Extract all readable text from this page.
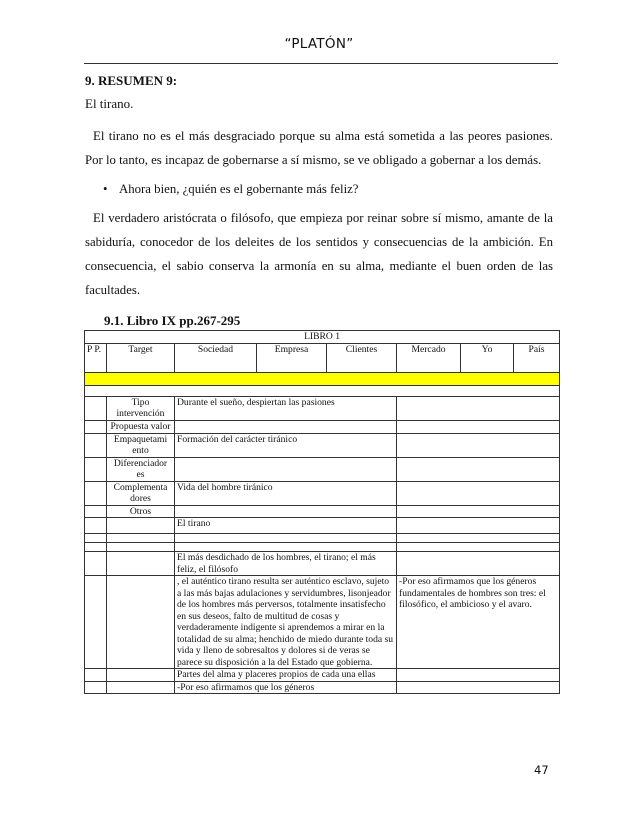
“PLATÓN”
9. RESUMEN 9:
El tirano.
El tirano no es el más desgraciado porque su alma está sometida a las peores pasiones. Por lo tanto, es incapaz de gobernarse a sí mismo, se ve obligado a gobernar a los demás.
• Ahora bien, ¿quién es el gobernante más feliz?
El verdadero aristócrata o filósofo, que empieza por reinar sobre sí mismo, amante de la sabiduría, conocedor de los deleites de los sentidos y consecuencias de la ambición. En consecuencia, el sabio conserva la armonía en su alma, mediante el buen orden de las facultades.
9.1. Libro IX pp.267-295
LIBRO 1							
P P.	Target	Sociedad	Empresa	Clientes	Mercado	Yo	País

	Tipo intervención	Durante el sueño, despiertan las pasiones					
	Propuesta valor						
	Empaquetami ento	Formación del carácter tiránico					
	Diferenciador es						
	Complementa dores	Vida del hombre tiránico					
	Otros						
		El tirano					

		El más desdichado de los hombres, el tirano; el más feliz, el filósofo					
		, el auténtico tirano resulta ser auténtico esclavo, sujeto a las más bajas adulaciones y servidumbres, lisonjeador de los hombres más perversos, totalmente insatisfecho en sus deseos, falto de multitud de cosas y verdaderamente indigente si aprendemos a mirar en la totalidad de su alma; henchido de miedo durante toda su vida y lleno de sobresaltos y dolores si de veras se parece su disposición a la del Estado que gobierna.			-Por eso afirmamos que los géneros fundamentales de hombres son tres: el filosófico, el ambicioso y el avaro.		
		Partes del alma y placeres propios de cada una ellas					
		-Por eso afirmamos que los géneros					
47
